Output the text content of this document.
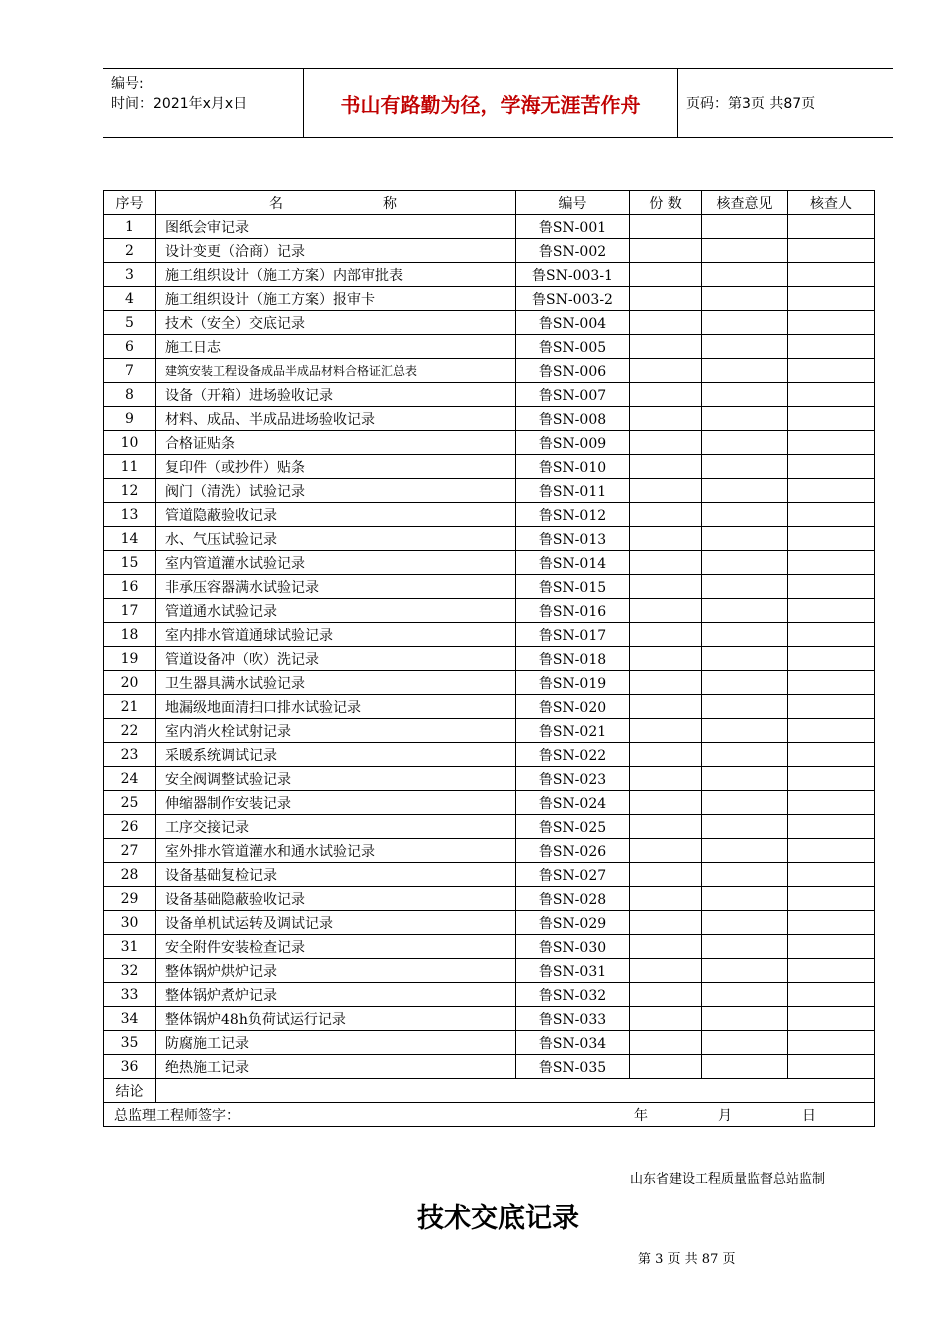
编号:
时间：2021年x月x日	书山有路勤为径，学海无涯苦作舟	页码：第3页 共87页
序号	名 称	编号	份 数	核查意见	核查人
1	图纸会审记录	鲁SN-001			
2	设计变更（洽商）记录	鲁SN-002			
3	施工组织设计（施工方案）内部审批表	鲁SN-003-1			
4	施工组织设计（施工方案）报审卡	鲁SN-003-2			
5	技术（安全）交底记录	鲁SN-004			
6	施工日志	鲁SN-005			
7	建筑安装工程设备成品半成品材料合格证汇总表	鲁SN-006			
8	设备（开箱）进场验收记录	鲁SN-007			
9	材料、成品、半成品进场验收记录	鲁SN-008			
10	合格证贴条	鲁SN-009			
11	复印件（或抄件）贴条	鲁SN-010			
12	阀门（清洗）试验记录	鲁SN-011			
13	管道隐蔽验收记录	鲁SN-012			
14	水、气压试验记录	鲁SN-013			
15	室内管道灌水试验记录	鲁SN-014			
16	非承压容器满水试验记录	鲁SN-015			
17	管道通水试验记录	鲁SN-016			
18	室内排水管道通球试验记录	鲁SN-017			
19	管道设备冲（吹）洗记录	鲁SN-018			
20	卫生器具满水试验记录	鲁SN-019			
21	地漏级地面清扫口排水试验记录	鲁SN-020			
22	室内消火栓试射记录	鲁SN-021			
23	采暖系统调试记录	鲁SN-022			
24	安全阀调整试验记录	鲁SN-023			
25	伸缩器制作安装记录	鲁SN-024			
26	工序交接记录	鲁SN-025			
27	室外排水管道灌水和通水试验记录	鲁SN-026			
28	设备基础复检记录	鲁SN-027			
29	设备基础隐蔽验收记录	鲁SN-028			
30	设备单机试运转及调试记录	鲁SN-029			
31	安全附件安装检查记录	鲁SN-030			
32	整体锅炉烘炉记录	鲁SN-031			
33	整体锅炉煮炉记录	鲁SN-032			
34	整体锅炉48h负荷试运行记录	鲁SN-033			
35	防腐施工记录	鲁SN-034			
36	绝热施工记录	鲁SN-035			
结论					

总监理工程师签字： 年 月 日					
山东省建设工程质量监督总站监制
技术交底记录
第 3 页 共 87 页
